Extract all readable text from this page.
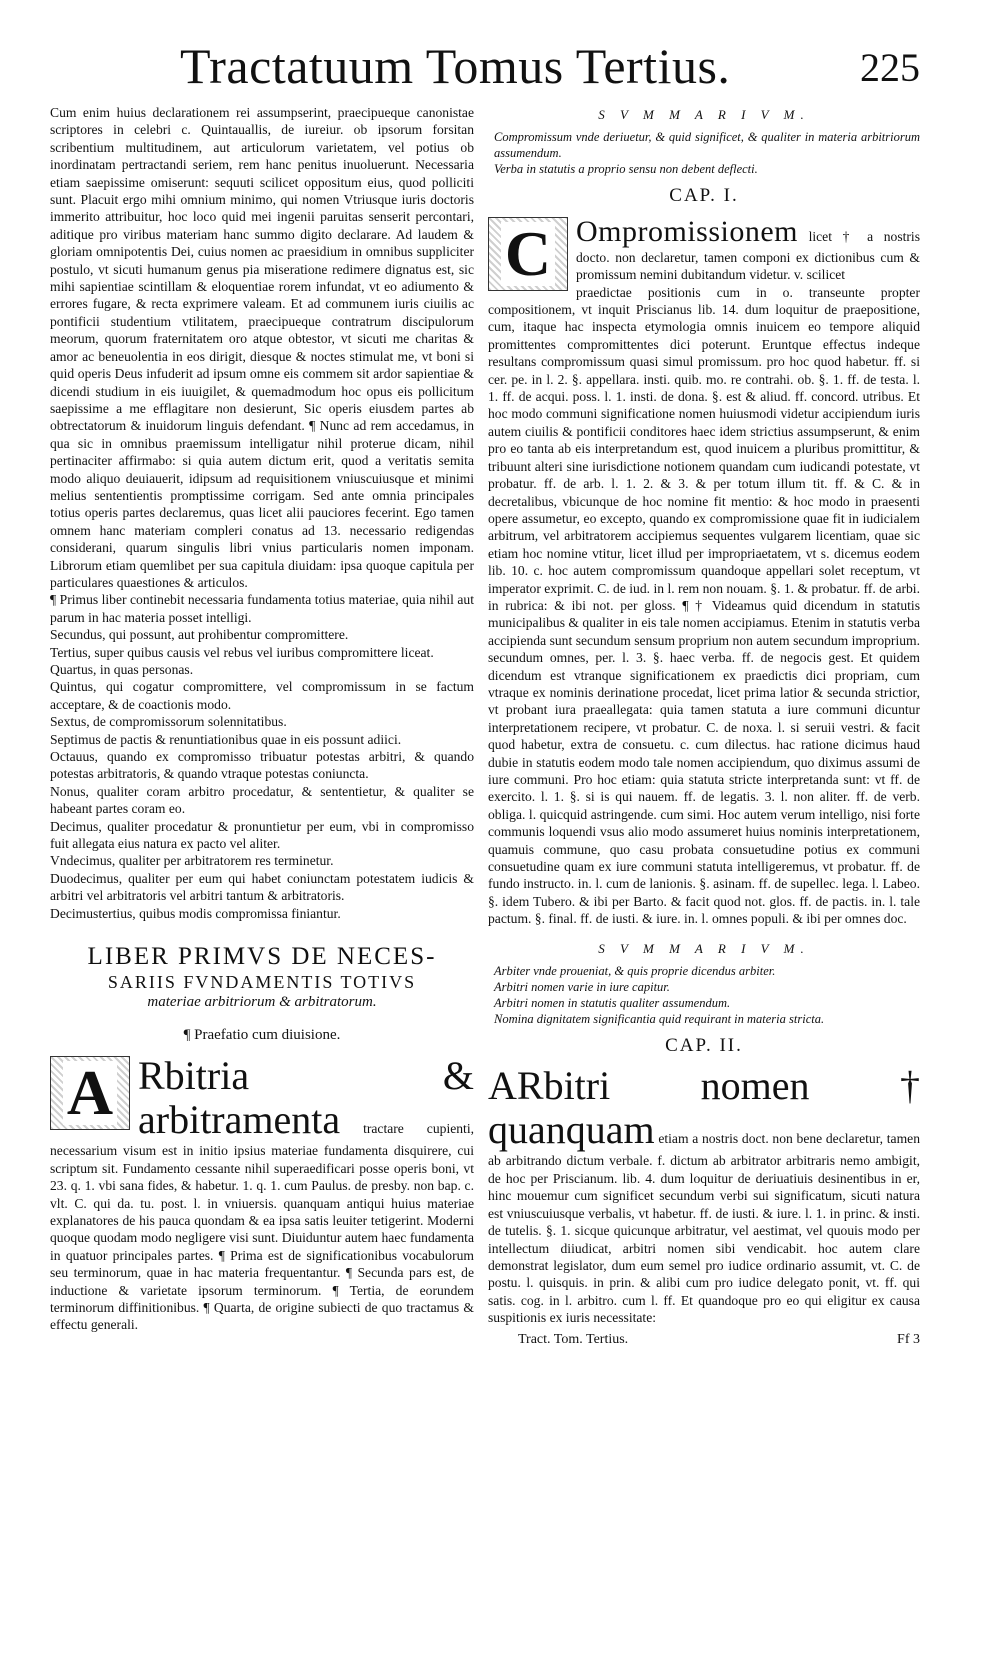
Tractatuum Tomus Tertius.	225

Cum enim huius declarationem rei assumpserint, praecipueque canonistae scriptores in celebri c. Quintauallis, de iureiur. ob ipsorum forsitan scribentium multitudinem, aut articulorum varietatem, vel potius ob inordinatam pertractandi seriem, rem hanc penitus inuoluerunt. Necessaria etiam saepissime omiserunt: sequuti scilicet oppositum eius, quod polliciti sunt. Placuit ergo mihi omnium minimo, qui nomen Vtriusque iuris doctoris immerito attribuitur, hoc loco quid mei ingenii paruitas senserit percontari, aditique pro viribus materiam hanc summo digito declarare. Ad laudem & gloriam omnipotentis Dei, cuius nomen ac praesidium in omnibus suppliciter postulo, vt sicuti humanum genus pia miseratione redimere dignatus est, sic mihi sapientiae scintillam & eloquentiae rorem infundat, vt eo adiumento & errores fugare, & recta exprimere valeam. Et ad communem iuris ciuilis ac pontificii studentium vtilitatem, praecipueque contratrum discipulorum meorum, quorum fraternitatem oro atque obtestor, vt sicuti me charitas & amor ac beneuolentia in eos dirigit, diesque & noctes stimulat me, vt boni si quid operis Deus infuderit ad ipsum omne eis commem sit ardor sapientiae & dicendi studium in eis iuuigilet, & quemadmodum hoc opus eis pollicitum saepissime a me efflagitare non desierunt, Sic operis eiusdem partes ab obtrectatorum & inuidorum linguis defendant. ¶ Nunc ad rem accedamus, in qua sic in omnibus praemissum intelligatur nihil proterue dicam, nihil pertinaciter affirmabo: si quia autem dictum erit, quod a veritatis semita modo aliquo deuiauerit, idipsum ad requisitionem vniuscuiusque et minimi melius sententientis promptissime corrigam. Sed ante omnia principales totius operis partes declaremus, quas licet alii pauciores fecerint. Ego tamen omnem hanc materiam compleri conatus ad 13. necessario redigendas considerani, quarum singulis libri vnius particularis nomen imponam. Librorum etiam quemlibet per sua capitula diuidam: ipsa quoque capitula per particulares quaestiones & articulos.

¶ Primus liber continebit necessaria fundamenta totius materiae, quia nihil aut parum in hac materia posset intelligi.

Secundus, qui possunt, aut prohibentur compromittere.

Tertius, super quibus causis vel rebus vel iuribus compromittere liceat.

Quartus, in quas personas.

Quintus, qui cogatur compromittere, vel compromissum in se factum acceptare, & de coactionis modo.

Sextus, de compromissorum solennitatibus.

Septimus de pactis & renuntiationibus quae in eis possunt adiici.

Octauus, quando ex compromisso tribuatur potestas arbitri, & quando potestas arbitratoris, & quando vtraque potestas coniuncta.

Nonus, qualiter coram arbitro procedatur, & sententietur, & qualiter se habeant partes coram eo.

Decimus, qualiter procedatur & pronuntietur per eum, vbi in compromisso fuit allegata eius natura ex pacto vel aliter.

Vndecimus, qualiter per arbitratorem res terminetur.

Duodecimus, qualiter per eum qui habet coniunctam potestatem iudicis & arbitri vel arbitratoris vel arbitri tantum & arbitratoris.

Decimustertius, quibus modis compromissa finiantur.

LIBER PRIMVS DE NECES-
SARIIS FVNDAMENTIS TOTIVS
materiae arbitriorum & arbitratorum.
¶ Praefatio cum diuisione.
A Rbitria & arbitramenta tractare cupienti, necessarium visum est in initio ipsius materiae fundamenta disquirere, cui scriptum sit. Fundamento cessante nihil superaedificari posse operis boni, vt 23. q. 1. vbi sana fides, & habetur. 1. q. 1. cum Paulus. de presby. non bap. c. vlt. C. qui da. tu. post. l. in vniuersis. quanquam antiqui huius materiae explanatores de his pauca quondam & ea ipsa satis leuiter tetigerint. Moderni quoque quodam modo negligere visi sunt. Diuiduntur autem haec fundamenta in quatuor principales partes. ¶ Prima est de significationibus vocabulorum seu terminorum, quae in hac materia frequentantur. ¶ Secunda pars est, de inductione & varietate ipsorum terminorum. ¶ Tertia, de eorundem terminorum diffinitionibus. ¶ Quarta, de origine subiecti de quo tractamus & effectu generali.

S V M M A R I V M.

Compromissum vnde deriuetur, & quid significet, & qualiter in materia arbitriorum assumendum.

Verba in statutis a proprio sensu non debent deflecti.

CAP. I.
C Ompromissionem licet † a nostris docto. non declaretur, tamen componi ex dictionibus cum & promissum nemini dubitandum videtur. v. scilicet

praedictae positionis cum in o. transeunte propter compositionem, vt inquit Priscianus lib. 14. dum loquitur de praepositione, cum, itaque hac inspecta etymologia omnis inuicem eo tempore aliquid promittentes compromittentes dici poterunt. Eruntque effectus indeque resultans compromissum quasi simul promissum. pro hoc quod habetur. ff. si cer. pe. in l. 2. §. appellara. insti. quib. mo. re contrahi. ob. §. 1. ff. de testa. l. 1. ff. de acqui. poss. l. 1. insti. de dona. §. est & aliud. ff. concord. utribus. Et hoc modo communi significatione nomen huiusmodi videtur accipiendum iuris autem ciuilis & pontificii conditores haec idem strictius assumpserunt, & enim pro eo tanta ab eis interpretandum est, quod inuicem a pluribus promittitur, & tribuunt alteri sine iurisdictione notionem quandam cum iudicandi potestate, vt probatur. ff. de arb. l. 1. 2. & 3. & per totum illum tit. ff. & C. & in decretalibus, vbicunque de hoc nomine fit mentio: & hoc modo in praesenti opere assumetur, eo excepto, quando ex compromissione quae fit in iudicialem arbitrum, vel arbitratorem accipiemus sequentes vulgarem licentiam, quae sic etiam hoc nomine vtitur, licet illud per impropriaetatem, vt s. dicemus eodem lib. 10. c. hoc autem compromissum quandoque appellari solet receptum, vt imperator exprimit. C. de iud. in l. rem non nouam. §. 1. & probatur. ff. de arbi. in rubrica: & ibi not. per gloss. ¶ † Videamus quid dicendum in statutis municipalibus & qualiter in eis tale nomen accipiamus. Etenim in statutis verba accipienda sunt secundum sensum proprium non autem secundum improprium. secundum omnes, per. l. 3. §. haec verba. ff. de negocis gest. Et quidem dicendum est vtranque significationem ex praedictis dici propriam, cum vtraque ex nominis derinatione procedat, licet prima latior & secunda strictior, vt probant iura praeallegata: quia tamen statuta a iure communi dicuntur interpretationem recipere, vt probatur. C. de noxa. l. si seruii vestri. & facit quod habetur, extra de consuetu. c. cum dilectus. hac ratione dicimus haud dubie in statutis eodem modo tale nomen accipiendum, quo diximus assumi de iure communi. Pro hoc etiam: quia statuta stricte interpretanda sunt: vt ff. de exercito. l. 1. §. si is qui nauem. ff. de legatis. 3. l. non aliter. ff. de verb. obliga. l. quicquid astringende. cum simi. Hoc autem verum intelligo, nisi forte communis loquendi vsus alio modo assumeret huius nominis interpretationem, quamuis commune, quo casu probata consuetudine potius ex communi consuetudine quam ex iure communi statuta intelligeremus, vt probatur. ff. de fundo instructo. in. l. cum de lanionis. §. asinam. ff. de supellec. lega. l. Labeo. §. idem Tubero. & ibi per Barto. & facit quod not. glos. ff. de pactis. in. l. tale pactum. §. final. ff. de iusti. & iure. in. l. omnes populi. & ibi per omnes doc.

S V M M A R I V M.

Arbiter vnde proueniat, & quis proprie dicendus arbiter.

Arbitri nomen varie in iure capitur.

Arbitri nomen in statutis qualiter assumendum.

Nomina dignitatem significantia quid requirant in materia stricta.

CAP. II.

ARbitri nomen † quanquam etiam a nostris doct. non bene declaretur, tamen ab arbitrando dictum verbale. f. dictum ab arbitrator arbitraris nemo ambigit, de hoc per Priscianum. lib. 4. dum loquitur de deriuatiuis desinentibus in er, hinc mouemur cum significet secundum verbi sui significatum, sicuti natura est vniuscuiusque verbalis, vt habetur. ff. de iusti. & iure. l. 1. in princ. & insti. de tutelis. §. 1. sicque quicunque arbitratur, vel aestimat, vel quouis modo per intellectum diiudicat, arbitri nomen sibi vendicabit. hoc autem clare demonstrat legislator, dum eum semel pro iudice ordinario assumit, vt. C. de postu. l. quisquis. in prin. & alibi cum pro iudice delegato ponit, vt. ff. qui satis. cog. in l. arbitro. cum l. ff. Et quandoque pro eo qui eligitur ex causa suspitionis ex iuris necessitate:

Tract. Tom. Tertius.	Ff 3
